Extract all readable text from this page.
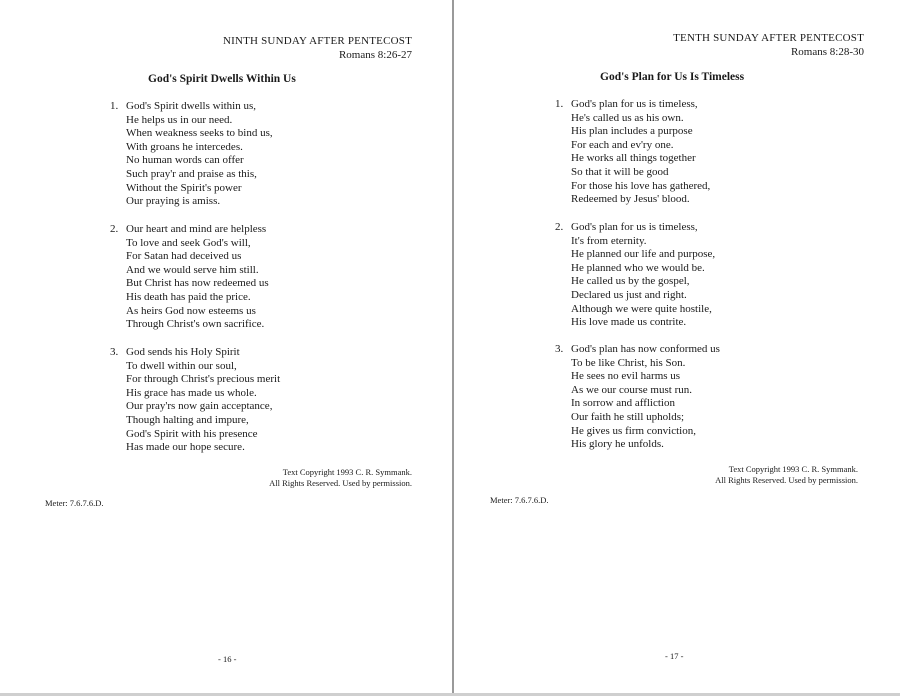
NINTH SUNDAY AFTER PENTECOST
Romans 8:26-27
God's Spirit Dwells Within Us
1. God's Spirit dwells within us,
He helps us in our need.
When weakness seeks to bind us,
With groans he intercedes.
No human words can offer
Such pray'r and praise as this,
Without the Spirit's power
Our praying is amiss.
2. Our heart and mind are helpless
To love and seek God's will,
For Satan had deceived us
And we would serve him still.
But Christ has now redeemed us
His death has paid the price.
As heirs God now esteems us
Through Christ's own sacrifice.
3. God sends his Holy Spirit
To dwell within our soul,
For through Christ's precious merit
His grace has made us whole.
Our pray'rs now gain acceptance,
Though halting and impure,
God's Spirit with his presence
Has made our hope secure.
Text Copyright 1993 C. R. Symmank.
All Rights Reserved. Used by permission.
Meter: 7.6.7.6.D.
- 16 -
TENTH SUNDAY AFTER PENTECOST
Romans 8:28-30
God's Plan for Us Is Timeless
1. God's plan for us is timeless,
He's called us as his own.
His plan includes a purpose
For each and ev'ry one.
He works all things together
So that it will be good
For those his love has gathered,
Redeemed by Jesus' blood.
2. God's plan for us is timeless,
It's from eternity.
He planned our life and purpose,
He planned who we would be.
He called us by the gospel,
Declared us just and right.
Although we were quite hostile,
His love made us contrite.
3. God's plan has now conformed us
To be like Christ, his Son.
He sees no evil harms us
As we our course must run.
In sorrow and affliction
Our faith he still upholds;
He gives us firm conviction,
His glory he unfolds.
Text Copyright 1993 C. R. Symmank.
All Rights Reserved. Used by permission.
Meter: 7.6.7.6.D.
- 17 -
